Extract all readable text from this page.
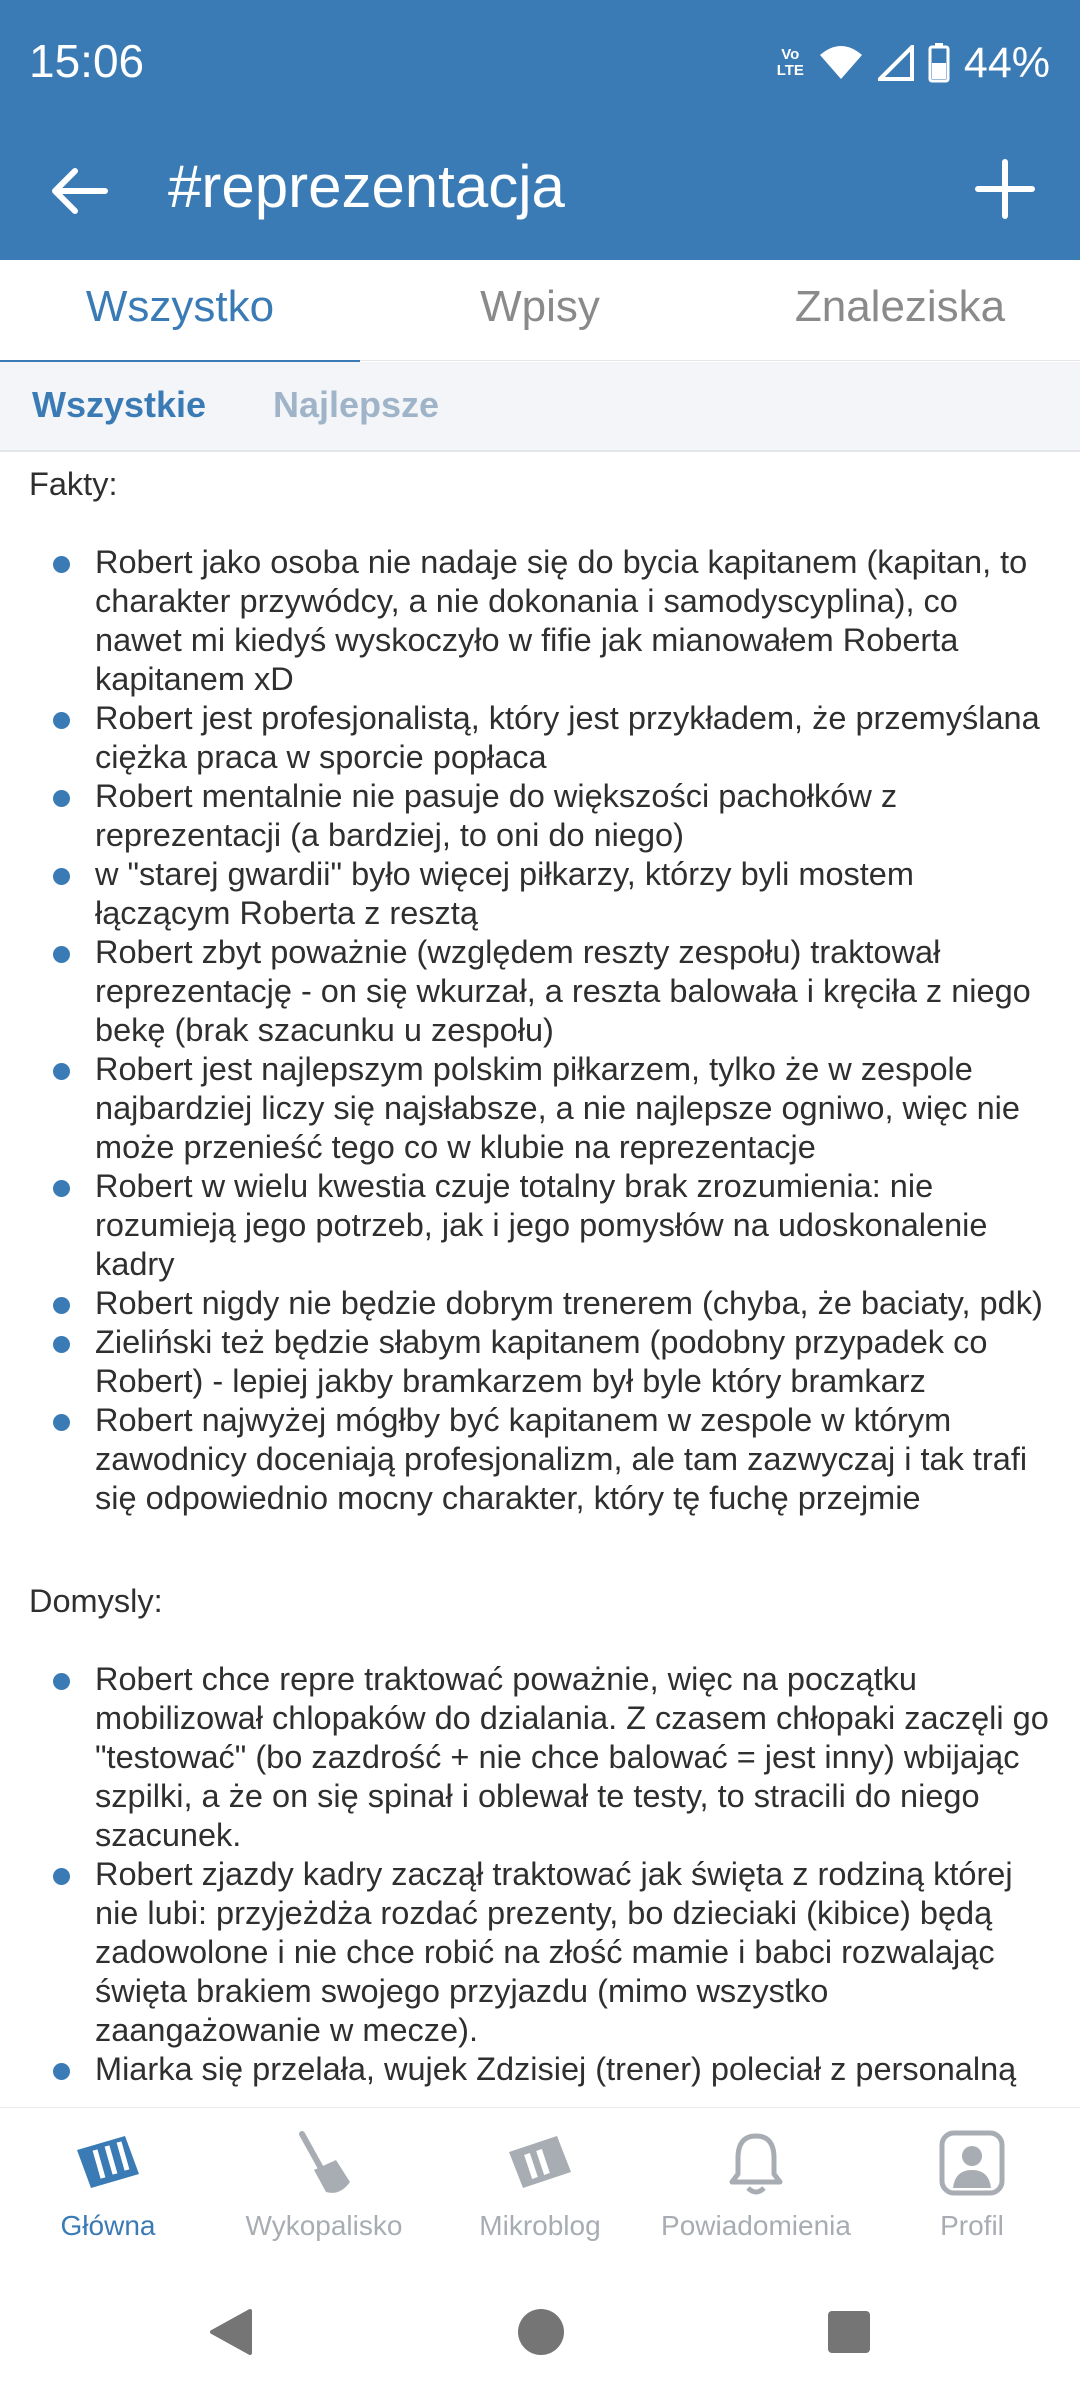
15:06	Vo
LTE	44%
#reprezentacja
Wszystko	Wpisy	Znaleziska
Wszystkie Najlepsze

Fakty:

Robert jako osoba nie nadaje się do bycia kapitanem (kapitan, to charakter przywódcy, a nie dokonania i samodyscyplina), co nawet mi kiedyś wyskoczyło w fifie jak mianowałem Roberta kapitanem xD
Robert jest profesjonalistą, który jest przykładem, że przemyślana ciężka praca w sporcie popłaca
Robert mentalnie nie pasuje do większości pachołków z reprezentacji (a bardziej, to oni do niego)
w "starej gwardii" było więcej piłkarzy, którzy byli mostem łączącym Roberta z resztą
Robert zbyt poważnie (względem reszty zespołu) traktował reprezentację - on się wkurzał, a reszta balowała i kręciła z niego bekę (brak szacunku u zespołu)
Robert jest najlepszym polskim piłkarzem, tylko że w zespole najbardziej liczy się najsłabsze, a nie najlepsze ogniwo, więc nie może przenieść tego co w klubie na reprezentacje
Robert w wielu kwestia czuje totalny brak zrozumienia: nie rozumieją jego potrzeb, jak i jego pomysłów na udoskonalenie kadry
Robert nigdy nie będzie dobrym trenerem (chyba, że baciaty, pdk)
Zieliński też będzie słabym kapitanem (podobny przypadek co Robert) - lepiej jakby bramkarzem był byle który bramkarz
Robert najwyżej mógłby być kapitanem w zespole w którym zawodnicy doceniają profesjonalizm, ale tam zazwyczaj i tak trafi się odpowiednio mocny charakter, który tę fuchę przejmie

Domysly:

Robert chce repre traktować poważnie, więc na początku mobilizował chlopaków do dzialania. Z czasem chłopaki zaczęli go "testować" (bo zazdrość + nie chce balować = jest inny) wbijając szpilki, a że on się spinał i oblewał te testy, to stracili do niego szacunek.
Robert zjazdy kadry zaczął traktować jak święta z rodziną której nie lubi: przyjeżdża rozdać prezenty, bo dzieciaki (kibice) będą zadowolone i nie chce robić na złość mamie i babci rozwalając święta brakiem swojego przyjazdu (mimo wszystko zaangażowanie w mecze).
Miarka się przelała, wujek Zdzisiej (trener) poleciał z personalną
Główna	Wykopalisko	Mikroblog	Powiadomienia	Profil
